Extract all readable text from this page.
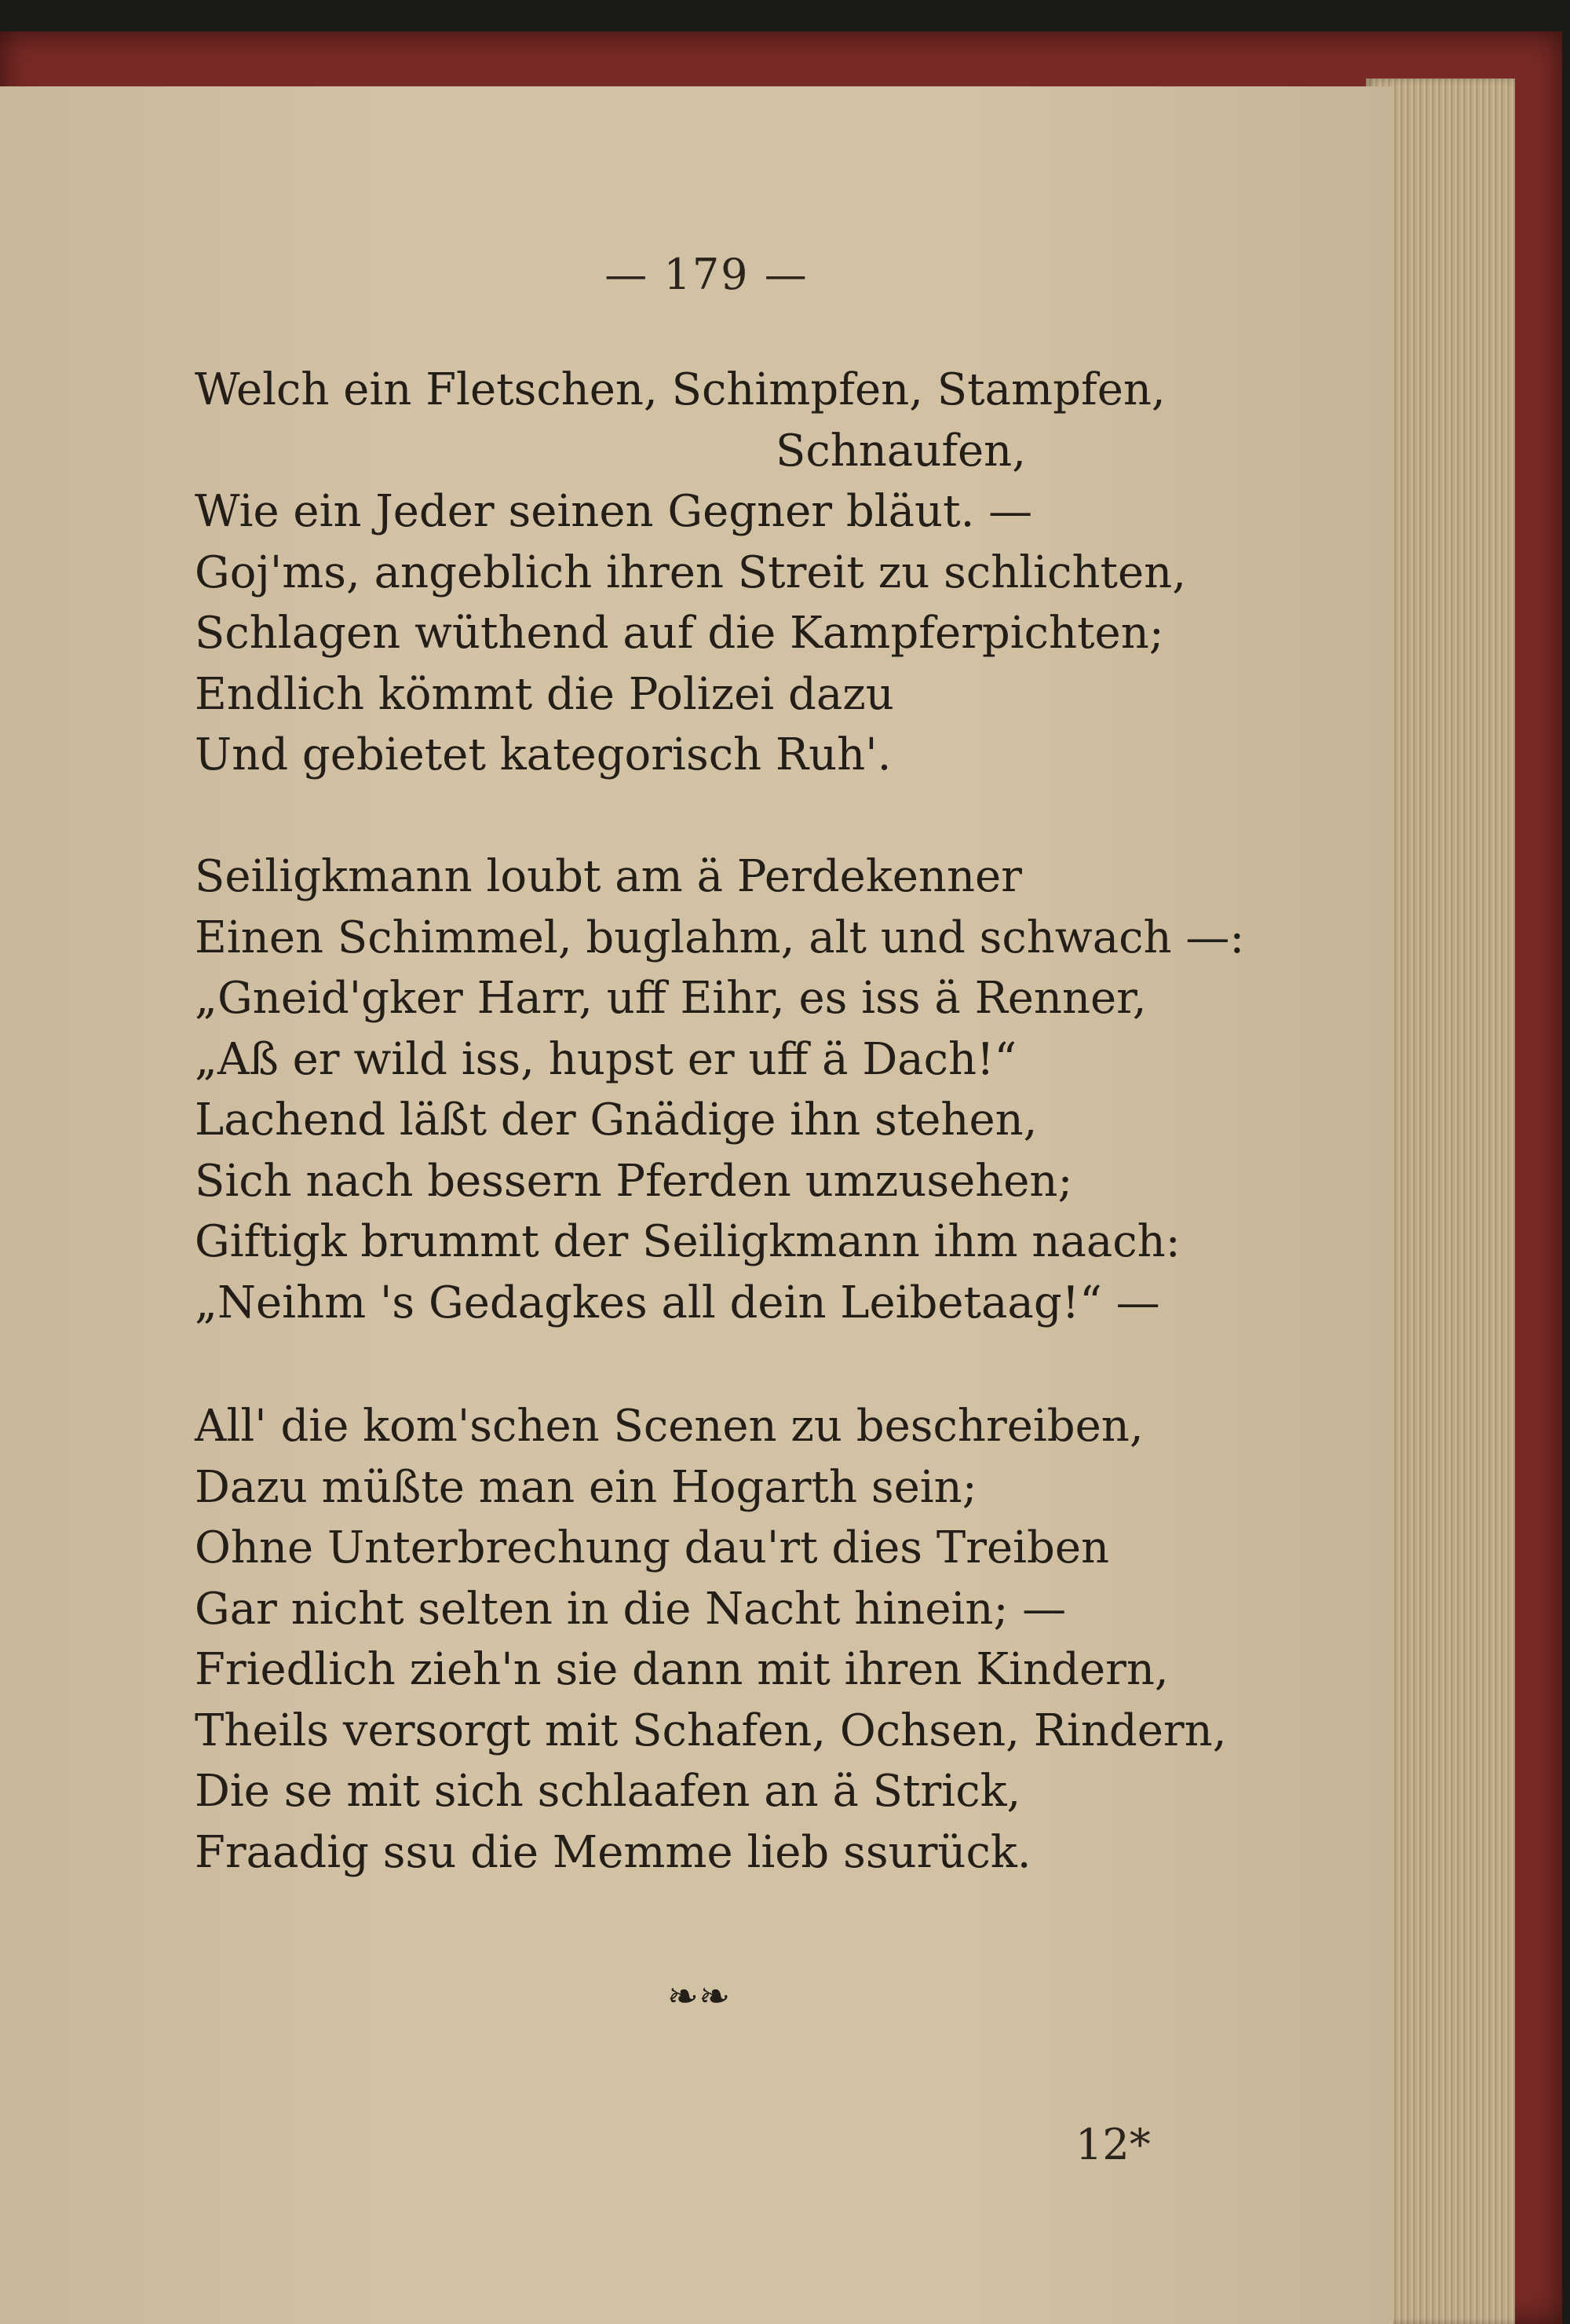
— 179 —
Welch ein Fletschen, Schimpfen, Stampfen,
Schnaufen,
Wie ein Jeder seinen Gegner bläut. —
Goj'ms, angeblich ihren Streit zu schlichten,
Schlagen wüthend auf die Kampferpichten;
Endlich kömmt die Polizei dazu
Und gebietet kategorisch Ruh'.
Seiligkmann loubt am ä Perdekenner
Einen Schimmel, buglahm, alt und schwach —:
„Gneid'gker Harr, uff Eihr, es iss ä Renner,
„Aß er wild iss, hupst er uff ä Dach!“
Lachend läßt der Gnädige ihn stehen,
Sich nach bessern Pferden umzusehen;
Giftigk brummt der Seiligkmann ihm naach:
„Neihm 's Gedagkes all dein Leibetaag!“ —
All' die kom'schen Scenen zu beschreiben,
Dazu müßte man ein Hogarth sein;
Ohne Unterbrechung dau'rt dies Treiben
Gar nicht selten in die Nacht hinein; —
Friedlich zieh'n sie dann mit ihren Kindern,
Theils versorgt mit Schafen, Ochsen, Rindern,
Die se mit sich schlaafen an ä Strick,
Fraadig ssu die Memme lieb ssurück.
❧❧
12*
